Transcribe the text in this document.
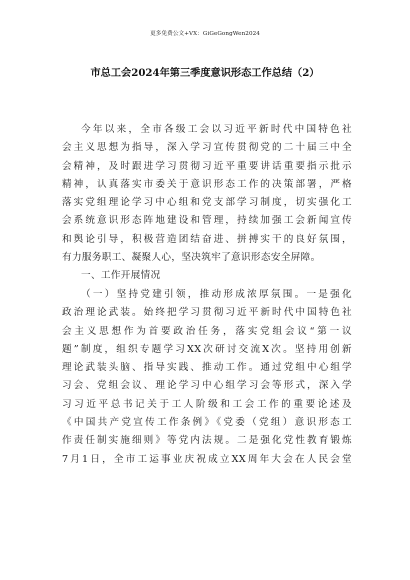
更多免费公文+VX：GiGeGongWen2024
市总工会2024年第三季度意识形态工作总结（2）
今年以来，全市各级工会以习近平新时代中国特色社
会主义思想为指导，深入学习宣传贯彻党的二十届三中全
会精神，及时跟进学习贯彻习近平重要讲话重要指示批示
精神，认真落实市委关于意识形态工作的决策部署，严格
落实党组理论学习中心组和党支部学习制度，切实强化工
会系统意识形态阵地建设和管理，持续加强工会新闻宣传
和舆论引导，积极营造团结奋进、拼搏实干的良好氛围，
有力服务职工、凝聚人心，坚决筑牢了意识形态安全屏障。
一、工作开展情况
（一）坚持党建引领，推动形成浓厚氛围。一是强化
政治理论武装。始终把学习贯彻习近平新时代中国特色社
会主义思想作为首要政治任务，落实党组会议“第一议
题”制度，组织专题学习XX次研讨交流X次。坚持用创新
理论武装头脑、指导实践、推动工作。通过党组中心组学
习会、党组会议、理论学习中心组学习会等形式，深入学
习习近平总书记关于工人阶级和工会工作的重要论述及
《中国共产党宣传工作条例》《党委（党组）意识形态工
作责任制实施细则》等党内法规。二是强化党性教育锻炼
7月1日，全市工运事业庆祝成立XX周年大会在人民会堂
